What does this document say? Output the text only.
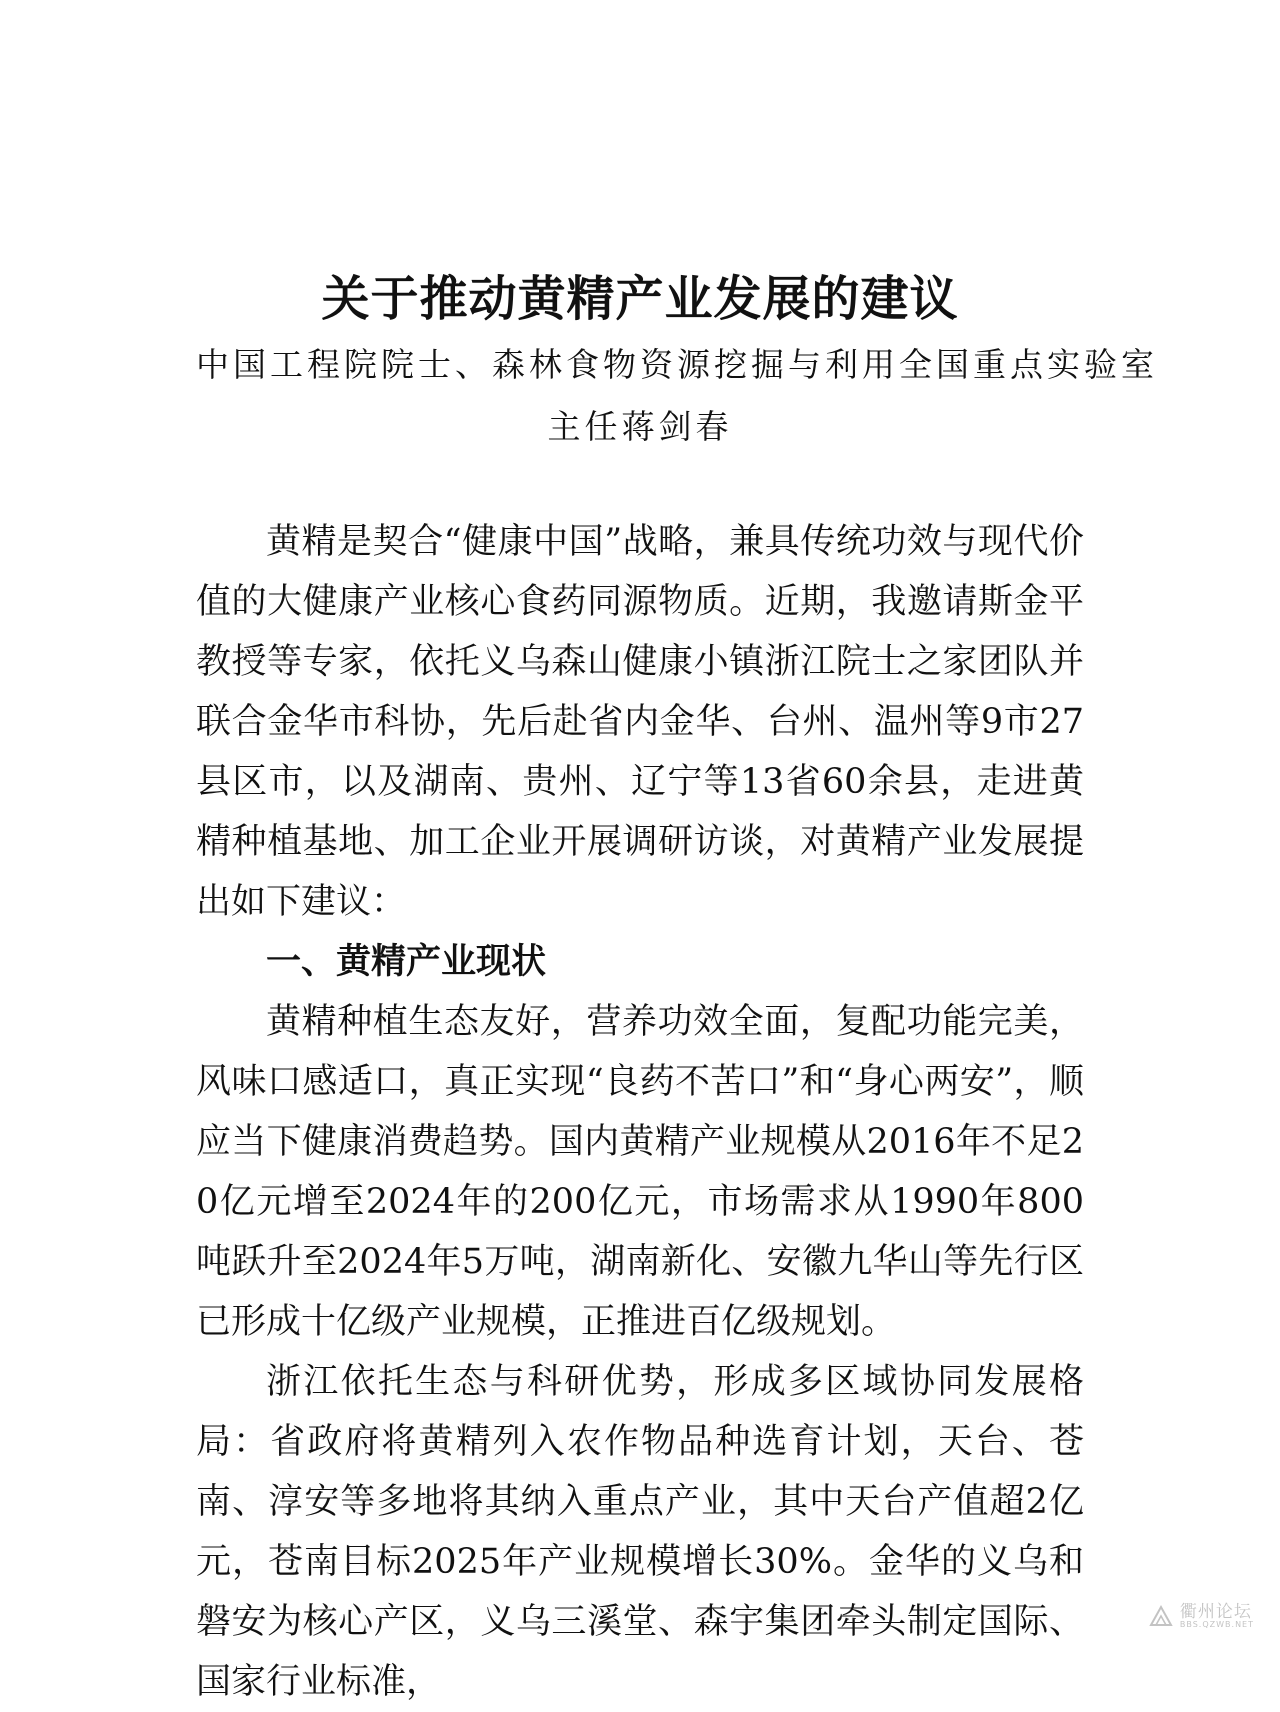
关于推动黄精产业发展的建议
中国工程院院士、森林食物资源挖掘与利用全国重点实验室
主任蒋剑春

黄精是契合“健康中国”战略，兼具传统功效与现代价值的大健康产业核心食药同源物质。近期，我邀请斯金平教授等专家，依托义乌森山健康小镇浙江院士之家团队并联合金华市科协，先后赴省内金华、台州、温州等9市27县区市，以及湖南、贵州、辽宁等13省60余县，走进黄精种植基地、加工企业开展调研访谈，对黄精产业发展提出如下建议：

一、黄精产业现状

黄精种植生态友好，营养功效全面，复配功能完美，风味口感适口，真正实现“良药不苦口”和“身心两安”，顺应当下健康消费趋势。国内黄精产业规模从2016年不足20亿元增至2024年的200亿元，市场需求从1990年800吨跃升至2024年5万吨，湖南新化、安徽九华山等先行区已形成十亿级产业规模，正推进百亿级规划。

浙江依托生态与科研优势，形成多区域协同发展格局：省政府将黄精列入农作物品种选育计划，天台、苍南、淳安等多地将其纳入重点产业，其中天台产值超2亿元，苍南目标2025年产业规模增长30%。金华的义乌和磐安为核心产区，义乌三溪堂、森宇集团牵头制定国际、国家行业标准，

衢州论坛
BBS.QZWB.NET
